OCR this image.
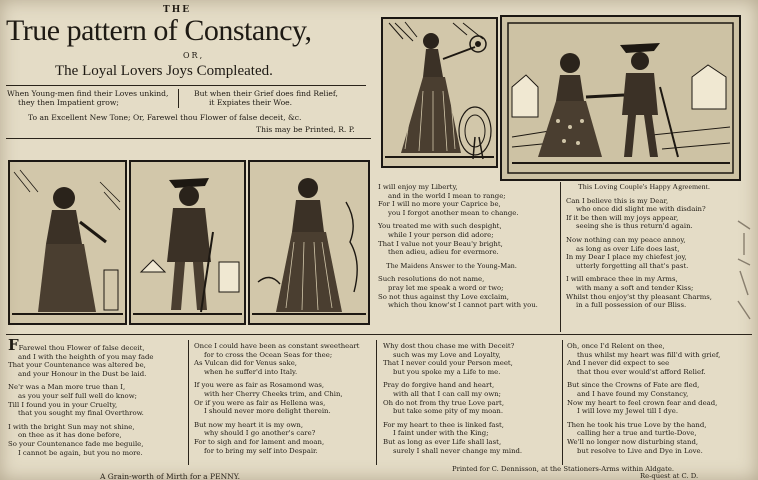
THE
True pattern of Constancy,
OR,
The Loyal Lovers Joys Compleated.
When Young-men find their Loves unkind,
they then Impatient grow;
But when their Grief does find Relief,
it Expiates their Woe.
To an Excellent New Tone; Or, Farewel thou Flower of false deceit, &c.
This may be Printed, R. P.
I will enjoy my Liberty,
and in the world I mean to range;
For I will no more your Caprice be,
you I forgot another mean to change.
You treated me with such despight,
while I your person did adore;
That I value not your Beau'y bright,
then adieu, adieu for evermore.
The Maidens Answer to the Young-Man.
Such resolutions do not name,
pray let me speak a word or two;
So not thus against thy Love exclaim,
which thou know'st I cannot part with you.
This Loving Couple's Happy Agreement.
Can I believe this is my Dear,
who once did slight me with disdain?
If it be then will my joys appear,
seeing she is thus return'd again.
Now nothing can my peace annoy,
as long as over Life does last,
In my Dear I place my chiefest joy,
utterly forgetting all that's past.
I will embrace thee in my Arms,
with many a soft and tender Kiss;
Whilst thou enjoy'st thy pleasant Charms,
in a full possession of our Bliss.
FFarewel thou Flower of false deceit,
and I with the heighth of you may fade
That your Countenance was altered be,
and your Honour in the Dust be laid.
Ne'r was a Man more true than I,
as you your self full well do know;
Till I found you in your Cruelty,
that you sought my final Overthrow.
I with the bright Sun may not shine,
on thee as it has done before,
So your Countenance fade me beguile,
I cannot be again, but you no more.
Once I could have been as constant sweetheart
for to cross the Ocean Seas for thee;
As Vulcan did for Venus sake,
when he suffer'd into Italy.
If you were as fair as Rosamond was,
with her Cherry Cheeks trim, and Chin,
Or if you were as fair as Hellena was,
I should never more delight therein.
But now my heart it is my own,
why should I go another's care?
For to sigh and for lament and moan,
for to bring my self into Despair.
Why dost thou chase me with Deceit?
such was my Love and Loyalty,
That I never could your Person meet,
but you spoke my a Life to me.
Pray do forgive hand and heart,
with all that I can call my own;
Oh do not from thy true Love part,
but take some pity of my moan.
For my heart to thee is linked fast,
I faint under with the King;
But as long as ever Life shall last,
surely I shall never change my mind.
Oh, once I'd Relent on thee,
thus whilst my heart was fill'd with grief,
And I never did expect to see
that thou ever would'st afford Relief.
But since the Crowns of Fate are fled,
and I have found my Constancy,
Now my heart to feel crown fear and dead,
I will love my Jewel till I dye.
Then he took his true Love by the hand,
calling her a true and turtle-Dove,
We'll no longer now disturbing stand,
but resolve to Live and Dye in Love.
Printed for C. Dennisson, at the Stationers-Arms within Aldgate.
A Grain-worth of Mirth for a PENNY.	Re-quest at C. D.
